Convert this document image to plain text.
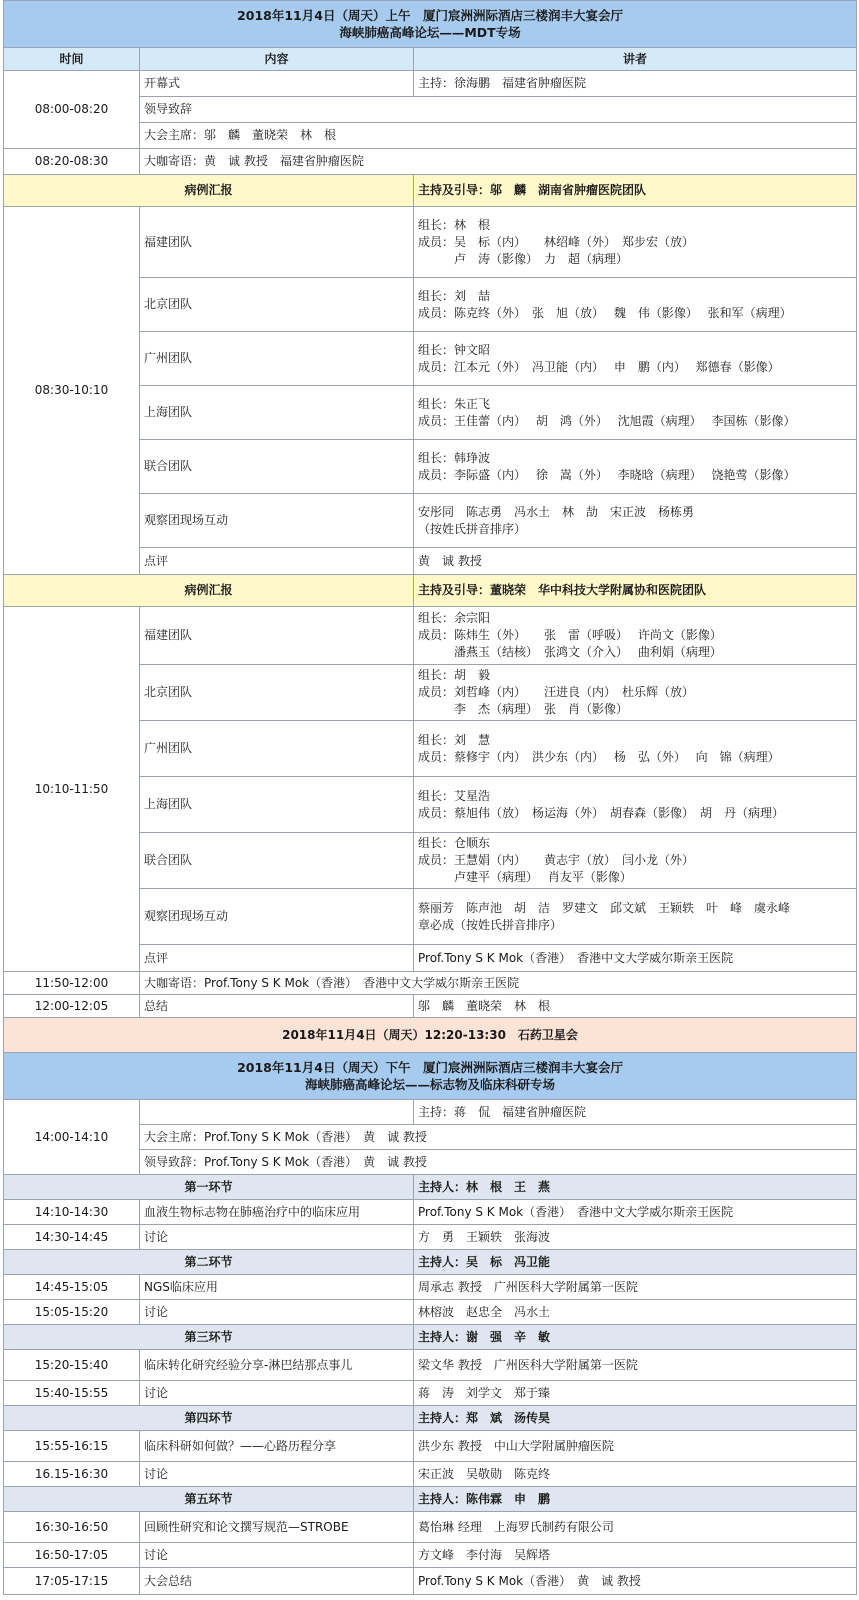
2018年11月4日（周天）上午　厦门宸洲洲际酒店三楼润丰大宴会厅
海峡肺癌高峰论坛——MDT专场		

时间	内容	讲者
08:00-08:20	开幕式	主持：徐海鹏　福建省肿瘤医院
	领导致辞	
	大会主席：邬　麟　董晓荣　林　根	
08:20-08:30	大咖寄语：黄　诚 教授　福建省肿瘤医院	
病例汇报		主持及引导：邬　麟　湖南省肿瘤医院团队
08:30-10:10	福建团队	组长：林　根
成员：吴　标（内）　　林绍峰（外）　郑步宏（放）
　　　卢　涛（影像）　力　超（病理）
	北京团队	组长：刘　喆
成员：陈克终（外）　张　旭（放）　 魏　伟（影像）　 张和军（病理）
	广州团队	组长：钟文昭
成员：江本元（外）　冯卫能（内）　 申　鹏（内）　 郑德春（影像）
	上海团队	组长：朱正飞
成员：王佳蕾（内）　 胡　鸿（外）　 沈旭霞（病理）　 李国栋（影像）
	联合团队	组长：韩琤波
成员：李际盛（内）　 徐　嵩（外）　 李晓晗（病理）　 饶艳莺（影像）
	观察团现场互动	安彤同　陈志勇　冯水土　林　劼　宋正波　杨栋勇
（按姓氏拼音排序）
	点评	黄　诚 教授
病例汇报		主持及引导：董晓荣　华中科技大学附属协和医院团队
10:10-11:50	福建团队	组长：余宗阳
成员：陈炜生（外）　　张　雷（呼吸）　 许尚文（影像）
　　　潘燕玉（结核）　张鸿文（介入）　 曲利娟（病理）
	北京团队	组长：胡　毅
成员：刘哲峰（内）　　汪进良（内）　杜乐辉（放）
　　　李　杰（病理）　张　肖（影像）
	广州团队	组长：刘　慧
成员：蔡修宇（内）　洪少东（内）　 杨　弘（外）　 向　锦（病理）
	上海团队	组长：艾星浩
成员：蔡旭伟（放）　杨运海（外）　胡春森（影像）　胡　丹（病理）
	联合团队	组长：仓顺东
成员：王慧娟（内）　　黄志宇（放）　闫小龙（外）
　　　卢建平（病理）　 肖友平（影像）
	观察团现场互动	蔡丽芳　陈声池　胡　洁　罗建文　邱文斌　王颖轶　叶　峰　虞永峰
章必成（按姓氏拼音排序）
	点评	Prof.Tony S K Mok（香港）　香港中文大学威尔斯亲王医院
11:50-12:00	大咖寄语：Prof.Tony S K Mok（香港）　香港中文大学威尔斯亲王医院	
12:00-12:05	总结	邬　麟　董晓荣　林　根
2018年11月4日（周天）12:20-13:30　石药卫星会		

2018年11月4日（周天）下午　厦门宸洲洲际酒店三楼润丰大宴会厅
海峡肺癌高峰论坛——标志物及临床科研专场		

14:00-14:10		主持：蒋　侃　福建省肿瘤医院
	大会主席：Prof.Tony S K Mok（香港）　黄　诚 教授	
	领导致辞：Prof.Tony S K Mok（香港）　黄　诚 教授	
第一环节		主持人：林　根　王　燕
14:10-14:30	血液生物标志物在肺癌治疗中的临床应用	Prof.Tony S K Mok（香港）　香港中文大学威尔斯亲王医院
14:30-14:45	讨论	方　勇　王颖轶　张海波
第二环节		主持人：吴　标　冯卫能
14:45-15:05	NGS临床应用	周承志 教授　广州医科大学附属第一医院
15:05-15:20	讨论	林榕波　赵忠全　冯水土
第三环节		主持人：谢　强　辛　敏
15:20-15:40	临床转化研究经验分享-淋巴结那点事儿	梁文华 教授　广州医科大学附属第一医院
15:40-15:55	讨论	蒋　涛　刘学文　郑于臻
第四环节		主持人：郑　斌　汤传昊
15:55-16:15	临床科研如何做？——心路历程分享	洪少东 教授　中山大学附属肿瘤医院
16.15-16:30	讨论	宋正波　吴敬勋　陈克终
第五环节		主持人：陈伟霖　申　鹏
16:30-16:50	回顾性研究和论文撰写规范—STROBE	葛怡琳 经理　上海罗氏制药有限公司
16:50-17:05	讨论	方文峰　李付海　吴辉塔
17:05-17:15	大会总结	Prof.Tony S K Mok（香港）　黄　诚 教授
